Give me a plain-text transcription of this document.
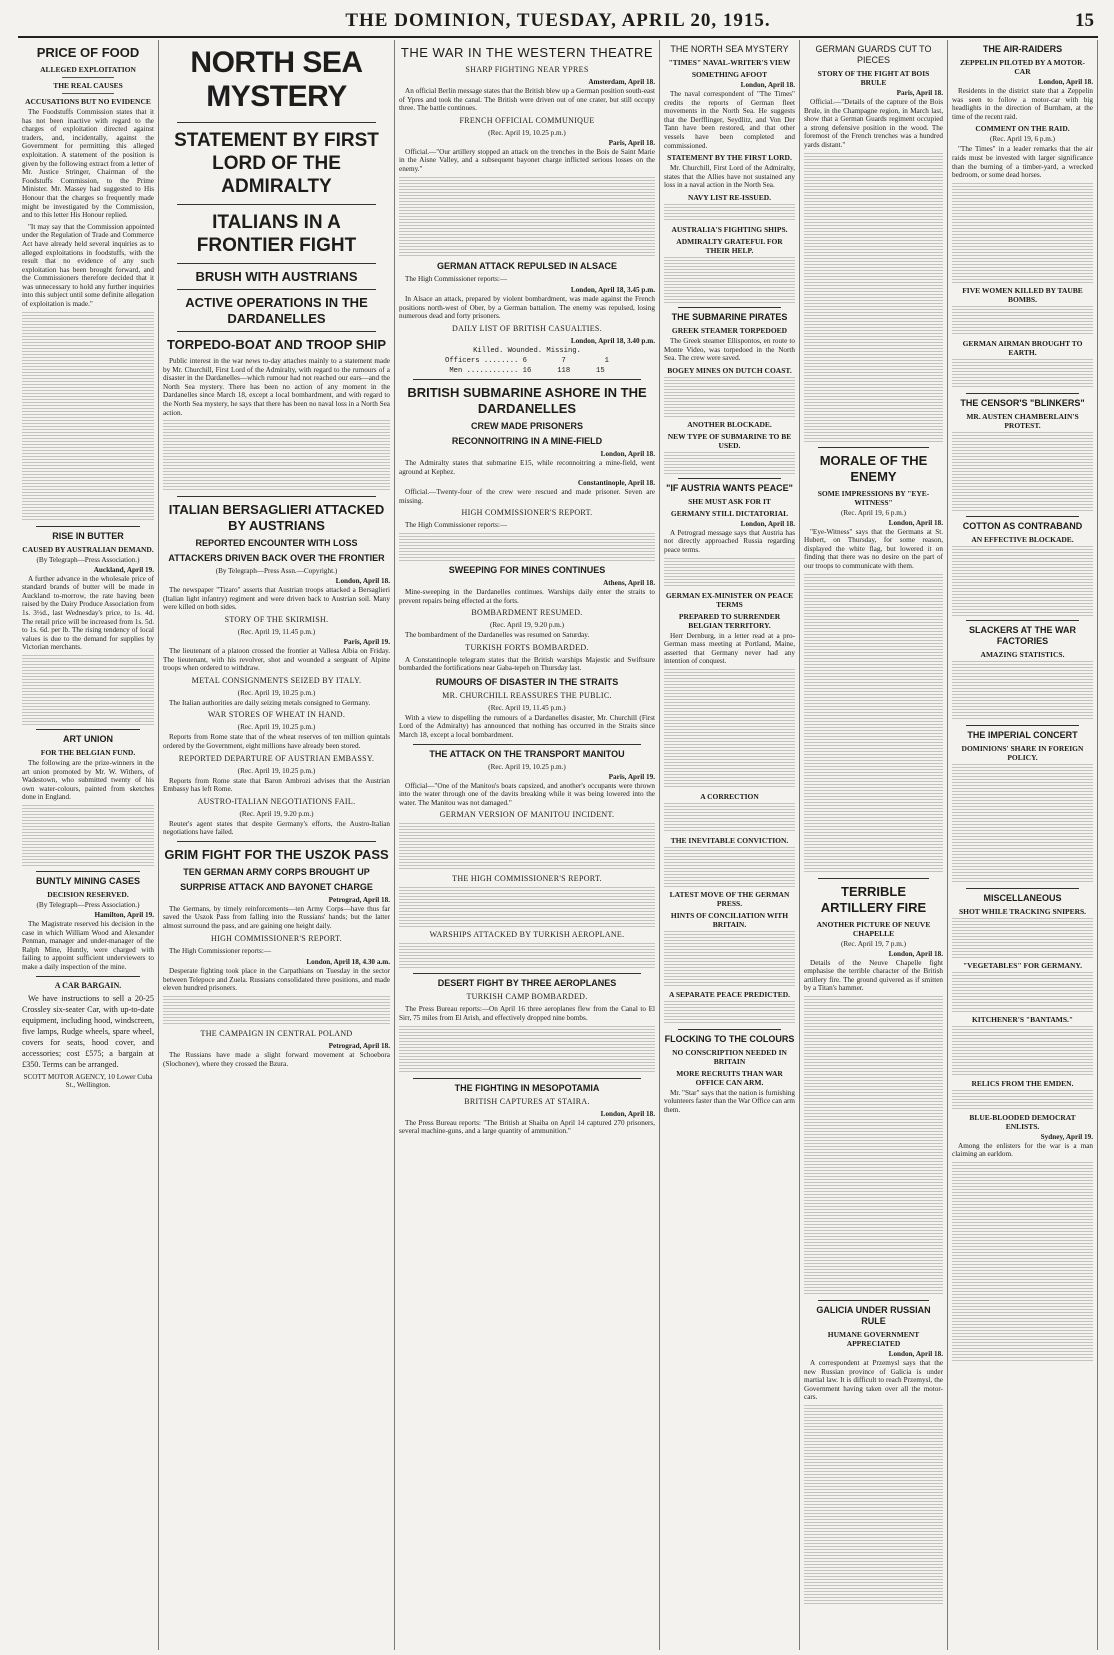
THE DOMINION, TUESDAY, APRIL 20, 1915.	15
PRICE OF FOOD
ALLEGED EXPLOITATION
THE REAL CAUSES
ACCUSATIONS BUT NO EVIDENCE

The Foodstuffs Commission states that it has not been inactive with regard to the charges of exploitation directed against traders, and, incidentally, against the Government for permitting this alleged exploitation. A statement of the position is given by the following extract from a letter of Mr. Justice Stringer, Chairman of the Foodstuffs Commission, to the Prime Minister. Mr. Massey had suggested to His Honour that the charges so frequently made might be investigated by the Commission, and to this letter His Honour replied.

"It may say that the Commission appointed under the Regulation of Trade and Commerce Act have already held several inquiries as to alleged exploitations in foodstuffs, with the result that no evidence of any such exploitation has been brought forward, and the Commissioners therefore decided that it was unnecessary to hold any further inquiries into this subject until some definite allegation of exploitation is made."

RISE IN BUTTER
CAUSED BY AUSTRALIAN DEMAND.
(By Telegraph—Press Association.)
Auckland, April 19.

A further advance in the wholesale price of standard brands of butter will be made in Auckland to-morrow, the rate having been raised by the Dairy Produce Association from 1s. 3½d., last Wednesday's price, to 1s. 4d. The retail price will be increased from 1s. 5d. to 1s. 6d. per lb. The rising tendency of local values is due to the demand for supplies by Victorian merchants.

ART UNION
FOR THE BELGIAN FUND.

The following are the prize-winners in the art union promoted by Mr. W. Withers, of Wadestown, who submitted twenty of his own water-colours, painted from sketches done in England.

BUNTLY MINING CASES
DECISION RESERVED.
(By Telegraph—Press Association.)
Hamilton, April 19.

The Magistrate reserved his decision in the case in which William Wood and Alexander Penman, manager and under-manager of the Ralph Mine, Huntly, were charged with failing to appoint sufficient underviewers to make a daily inspection of the mine.

A CAR BARGAIN.

We have instructions to sell a 20-25 Crossley six-seater Car, with up-to-date equipment, including hood, windscreen, five lamps, Rudge wheels, spare wheel, covers for seats, hood cover, and accessories; cost £575; a bargain at £350. Terms can be arranged.

SCOTT MOTOR AGENCY, 10 Lower Cuba St., Wellington.

NORTH SEA MYSTERY
STATEMENT BY FIRST LORD OF THE ADMIRALTY
ITALIANS IN A FRONTIER FIGHT
BRUSH WITH AUSTRIANS
ACTIVE OPERATIONS IN THE DARDANELLES
TORPEDO-BOAT AND TROOP SHIP

Public interest in the war news to-day attaches mainly to a statement made by Mr. Churchill, First Lord of the Admiralty, with regard to the rumours of a disaster in the Dardanelles—which rumour had not reached our ears—and the North Sea mystery. There has been no action of any moment in the Dardanelles since March 18, except a local bombardment, and with regard to the North Sea mystery, he says that there has been no naval loss in a North Sea action.

ITALIAN BERSAGLIERI ATTACKED BY AUSTRIANS
REPORTED ENCOUNTER WITH LOSS
ATTACKERS DRIVEN BACK OVER THE FRONTIER
(By Telegraph—Press Assn.—Copyright.)
London, April 18.

The newspaper "Tizaro" asserts that Austrian troops attacked a Bersaglieri (Italian light infantry) regiment and were driven back to Austrian soil. Many were killed on both sides.

STORY OF THE SKIRMISH.
(Rec. April 19, 11.45 p.m.)
Paris, April 19.

The lieutenant of a platoon crossed the frontier at Vallesa Albia on Friday. The lieutenant, with his revolver, shot and wounded a sergeant of Alpine troops when ordered to withdraw.

METAL CONSIGNMENTS SEIZED BY ITALY.
(Rec. April 19, 10.25 p.m.)

The Italian authorities are daily seizing metals consigned to Germany.

WAR STORES OF WHEAT IN HAND.
(Rec. April 19, 10.25 p.m.)

Reports from Rome state that of the wheat reserves of ten million quintals ordered by the Government, eight millions have already been stored.

REPORTED DEPARTURE OF AUSTRIAN EMBASSY.
(Rec. April 19, 10.25 p.m.)

Reports from Rome state that Baron Ambrozi advises that the Austrian Embassy has left Rome.

AUSTRO-ITALIAN NEGOTIATIONS FAIL.
(Rec. April 19, 9.20 p.m.)

Reuter's agent states that despite Germany's efforts, the Austro-Italian negotiations have failed.

GRIM FIGHT FOR THE USZOK PASS
TEN GERMAN ARMY CORPS BROUGHT UP
SURPRISE ATTACK AND BAYONET CHARGE
Petrograd, April 18.

The Germans, by timely reinforcements—ten Army Corps—have thus far saved the Uszok Pass from falling into the Russians' hands; but the latter almost surround the pass, and are gaining one height daily.

HIGH COMMISSIONER'S REPORT.

The High Commissioner reports:—

London, April 18, 4.30 a.m.

Desperate fighting took place in the Carpathians on Tuesday in the sector between Telepoce and Zuela. Russians consolidated three positions, and made eleven hundred prisoners.

THE CAMPAIGN IN CENTRAL POLAND
Petrograd, April 18.

The Russians have made a slight forward movement at Schoebora (Slochonev), where they crossed the Bzura.

THE WAR IN THE WESTERN THEATRE
SHARP FIGHTING NEAR YPRES
Amsterdam, April 18.

An official Berlin message states that the British blew up a German position south-east of Ypres and took the canal. The British were driven out of one crater, but still occupy three. The battle continues.

FRENCH OFFICIAL COMMUNIQUE
(Rec. April 19, 10.25 p.m.)
Paris, April 18.

Official.—"Our artillery stopped an attack on the trenches in the Bois de Saint Marie in the Aisne Valley, and a subsequent bayonet charge inflicted serious losses on the enemy."

GERMAN ATTACK REPULSED IN ALSACE

The High Commissioner reports:—

London, April 18, 3.45 p.m.

In Alsace an attack, prepared by violent bombardment, was made against the French positions north-west of Ober, by a German battalion. The enemy was repulsed, losing numerous dead and forty prisoners.

DAILY LIST OF BRITISH CASUALTIES.
London, April 18, 3.40 p.m.
Killed. Wounded. Missing.
Officers ........ 6        7         1
Men ............ 16      118      15
BRITISH SUBMARINE ASHORE IN THE DARDANELLES
CREW MADE PRISONERS
RECONNOITRING IN A MINE-FIELD
London, April 18.

The Admiralty states that submarine E15, while reconnoitring a mine-field, went aground at Kephez.

Constantinople, April 18.

Official.—Twenty-four of the crew were rescued and made prisoner. Seven are missing.

HIGH COMMISSIONER'S REPORT.

The High Commissioner reports:—

SWEEPING FOR MINES CONTINUES
Athens, April 18.

Mine-sweeping in the Dardanelles continues. Warships daily enter the straits to prevent repairs being effected at the forts.

BOMBARDMENT RESUMED.
(Rec. April 19, 9.20 p.m.)

The bombardment of the Dardanelles was resumed on Saturday.

TURKISH FORTS BOMBARDED.

A Constantinople telegram states that the British warships Majestic and Swiftsure bombarded the fortifications near Gaba-tepeh on Thursday last.

RUMOURS OF DISASTER IN THE STRAITS
MR. CHURCHILL REASSURES THE PUBLIC.
(Rec. April 19, 11.45 p.m.)

With a view to dispelling the rumours of a Dardanelles disaster, Mr. Churchill (First Lord of the Admiralty) has announced that nothing has occurred in the Straits since March 18, except a local bombardment.

THE ATTACK ON THE TRANSPORT MANITOU
(Rec. April 19, 10.25 p.m.)
Paris, April 19.

Official—"One of the Manitou's boats capsized, and another's occupants were thrown into the water through one of the davits breaking while it was being lowered into the water. The Manitou was not damaged."

GERMAN VERSION OF MANITOU INCIDENT.
THE HIGH COMMISSIONER'S REPORT.
WARSHIPS ATTACKED BY TURKISH AEROPLANE.
DESERT FIGHT BY THREE AEROPLANES
TURKISH CAMP BOMBARDED.

The Press Bureau reports:—On April 16 three aeroplanes flew from the Canal to El Sirr, 75 miles from El Arish, and effectively dropped nine bombs.

THE FIGHTING IN MESOPOTAMIA
BRITISH CAPTURES AT STAIRA.
London, April 18.

The Press Bureau reports: "The British at Shaiba on April 14 captured 270 prisoners, several machine-guns, and a large quantity of ammunition."

THE NORTH SEA MYSTERY
"TIMES" NAVAL-WRITER'S VIEW
SOMETHING AFOOT
London, April 18.

The naval correspondent of "The Times" credits the reports of German fleet movements in the North Sea. He suggests that the Derfflinger, Seydlitz, and Von Der Tann have been restored, and that other vessels have been completed and commissioned.

STATEMENT BY THE FIRST LORD.

Mr. Churchill, First Lord of the Admiralty, states that the Allies have not sustained any loss in a naval action in the North Sea.

NAVY LIST RE-ISSUED.
AUSTRALIA'S FIGHTING SHIPS.
ADMIRALTY GRATEFUL FOR THEIR HELP.
THE SUBMARINE PIRATES
GREEK STEAMER TORPEDOED

The Greek steamer Ellispontos, en route to Monte Video, was torpedoed in the North Sea. The crew were saved.

BOGEY MINES ON DUTCH COAST.
ANOTHER BLOCKADE.
NEW TYPE OF SUBMARINE TO BE USED.
"IF AUSTRIA WANTS PEACE"
SHE MUST ASK FOR IT
GERMANY STILL DICTATORIAL
London, April 18.

A Petrograd message says that Austria has not directly approached Russia regarding peace terms.

GERMAN EX-MINISTER ON PEACE TERMS
PREPARED TO SURRENDER BELGIAN TERRITORY.

Herr Dernburg, in a letter read at a pro-German mass meeting at Portland, Maine, asserted that Germany never had any intention of conquest.

A CORRECTION
THE INEVITABLE CONVICTION.
LATEST MOVE OF THE GERMAN PRESS.
HINTS OF CONCILIATION WITH BRITAIN.
A SEPARATE PEACE PREDICTED.
FLOCKING TO THE COLOURS
NO CONSCRIPTION NEEDED IN BRITAIN
MORE RECRUITS THAN WAR OFFICE CAN ARM.

Mr. "Star" says that the nation is furnishing volunteers faster than the War Office can arm them.

GERMAN GUARDS CUT TO PIECES
STORY OF THE FIGHT AT BOIS BRULE
Paris, April 18.

Official.—"Details of the capture of the Bois Brule, in the Champagne region, in March last, show that a German Guards regiment occupied a strong defensive position in the wood. The foremost of the French trenches was a hundred yards distant."

MORALE OF THE ENEMY
SOME IMPRESSIONS BY "EYE-WITNESS"
(Rec. April 19, 6 p.m.)
London, April 18.

"Eye-Witness" says that the Germans at St. Hubert, on Thursday, for some reason, displayed the white flag, but lowered it on finding that there was no desire on the part of our troops to communicate with them.

TERRIBLE ARTILLERY FIRE
ANOTHER PICTURE OF NEUVE CHAPELLE
(Rec. April 19, 7 p.m.)
London, April 18.

Details of the Neuve Chapelle fight emphasise the terrible character of the British artillery fire. The ground quivered as if smitten by a Titan's hammer.

GALICIA UNDER RUSSIAN RULE
HUMANE GOVERNMENT APPRECIATED
London, April 18.

A correspondent at Przemysl says that the new Russian province of Galicia is under martial law. It is difficult to reach Przemysl, the Government having taken over all the motor-cars.

THE AIR-RAIDERS
ZEPPELIN PILOTED BY A MOTOR-CAR
London, April 18.

Residents in the district state that a Zeppelin was seen to follow a motor-car with big headlights in the direction of Burnham, at the time of the recent raid.

COMMENT ON THE RAID.
(Rec. April 19, 6 p.m.)

"The Times" in a leader remarks that the air raids must be invested with larger significance than the burning of a timber-yard, a wrecked bedroom, or some dead horses.

FIVE WOMEN KILLED BY TAUBE BOMBS.
GERMAN AIRMAN BROUGHT TO EARTH.
THE CENSOR'S "BLINKERS"
MR. AUSTEN CHAMBERLAIN'S PROTEST.
COTTON AS CONTRABAND
AN EFFECTIVE BLOCKADE.
SLACKERS AT THE WAR FACTORIES
AMAZING STATISTICS.
THE IMPERIAL CONCERT
DOMINIONS' SHARE IN FOREIGN POLICY.
MISCELLANEOUS
SHOT WHILE TRACKING SNIPERS.
"VEGETABLES" FOR GERMANY.
KITCHENER'S "BANTAMS."
RELICS FROM THE EMDEN.
BLUE-BLOODED DEMOCRAT ENLISTS.
Sydney, April 19.

Among the enlisters for the war is a man claiming an earldom.
